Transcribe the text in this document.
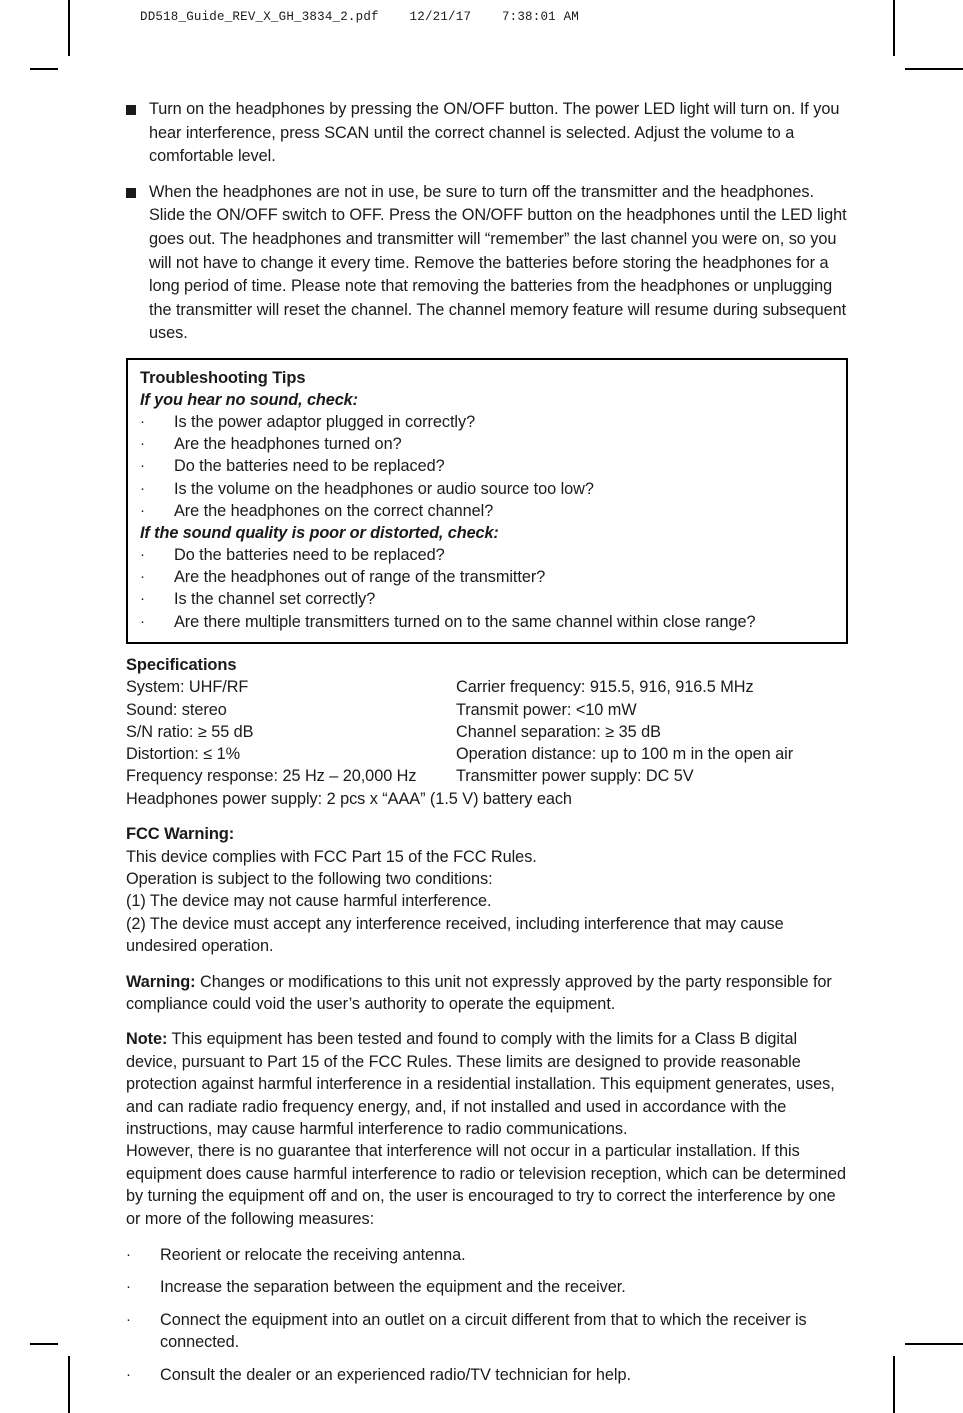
DD518_Guide_REV_X_GH_3834_2.pdf    12/21/17    7:38:01 AM
Turn on the headphones by pressing the ON/OFF button. The power LED light will turn on. If you hear interference, press SCAN until the correct channel is selected. Adjust the volume to a comfortable level.
When the headphones are not in use, be sure to turn off the transmitter and the headphones. Slide the ON/OFF switch to OFF. Press the ON/OFF button on the headphones until the LED light goes out. The headphones and transmitter will “remember” the last channel you were on, so you will not have to change it every time. Remove the batteries before storing the headphones for a long period of time. Please note that removing the batteries from the headphones or unplugging the transmitter will reset the channel. The channel memory feature will resume during subsequent uses.
Troubleshooting Tips
If you hear no sound, check:
·	Is the power adaptor plugged in correctly?
·	Are the headphones turned on?
·	Do the batteries need to be replaced?
·	Is the volume on the headphones or audio source too low?
·	Are the headphones on the correct channel?
If the sound quality is poor or distorted, check:
·	Do the batteries need to be replaced?
·	Are the headphones out of range of the transmitter?
·	Is the channel set correctly?
·	Are there multiple transmitters turned on to the same channel within close range?
Specifications
System: UHF/RF	Carrier frequency: 915.5, 916, 916.5 MHz
Sound: stereo	Transmit power: <10 mW
S/N ratio: ≥ 55 dB	Channel separation: ≥ 35 dB
Distortion: ≤ 1%	Operation distance: up to 100 m in the open air
Frequency response: 25 Hz – 20,000 Hz	Transmitter power supply: DC 5V
Headphones power supply: 2 pcs x “AAA” (1.5 V) battery each
FCC Warning:
This device complies with FCC Part 15 of the FCC Rules.
Operation is subject to the following two conditions:
(1) The device may not cause harmful interference.
(2) The device must accept any interference received, including interference that may cause undesired operation.
Warning: Changes or modifications to this unit not expressly approved by the party responsible for compliance could void the user’s authority to operate the equipment.
Note: This equipment has been tested and found to comply with the limits for a Class B digital device, pursuant to Part 15 of the FCC Rules. These limits are designed to provide reasonable protection against harmful interference in a residential installation. This equipment generates, uses, and can radiate radio frequency energy, and, if not installed and used in accordance with the instructions, may cause harmful interference to radio communications.
However, there is no guarantee that interference will not occur in a particular installation. If this equipment does cause harmful interference to radio or television reception, which can be determined by turning the equipment off and on, the user is encouraged to try to correct the interference by one or more of the following measures:
·	Reorient or relocate the receiving antenna.
·	Increase the separation between the equipment and the receiver.
·	Connect the equipment into an outlet on a circuit different from that to which the receiver is connected.
·	Consult the dealer or an experienced radio/TV technician for help.
